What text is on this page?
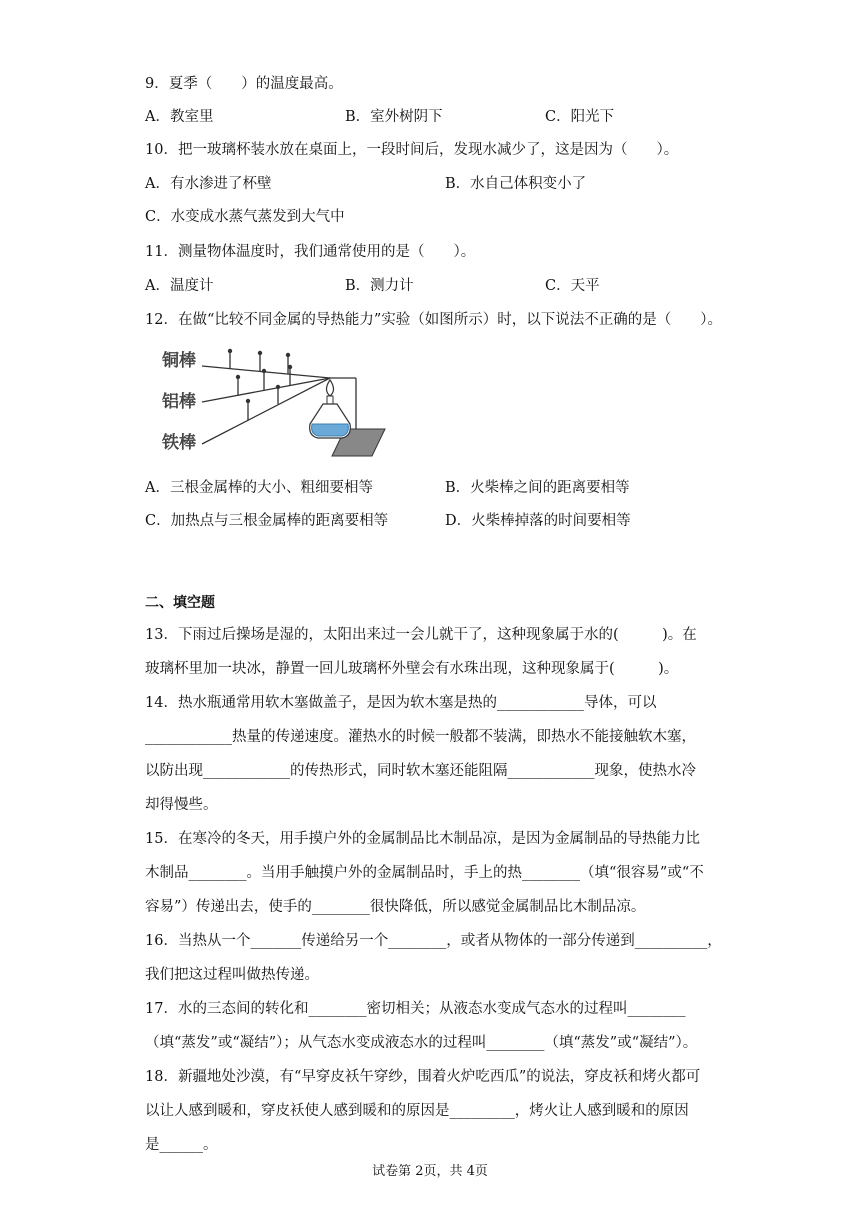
9．夏季（　　）的温度最高。
A．教室里	B．室外树阴下	C．阳光下
10．把一玻璃杯装水放在桌面上，一段时间后，发现水减少了，这是因为（　　）。
A．有水渗进了杯壁	B．水自己体积变小了
C．水变成水蒸气蒸发到大气中
11．测量物体温度时，我们通常使用的是（　　）。
A．温度计	B．测力计	C．天平
12．在做“比较不同金属的导热能力”实验（如图所示）时，以下说法不正确的是（　　）。
铜棒
铝棒
铁棒
A．三根金属棒的大小、粗细要相等	B．火柴棒之间的距离要相等
C．加热点与三根金属棒的距离要相等	D．火柴棒掉落的时间要相等
二、填空题
13．下雨过后操场是湿的，太阳出来过一会儿就干了，这种现象属于水的(　　　)。在
玻璃杯里加一块冰，静置一回儿玻璃杯外壁会有水珠出现，这种现象属于(　　　)。
14．热水瓶通常用软木塞做盖子，是因为软木塞是热的____________导体，可以
____________热量的传递速度。灌热水的时候一般都不装满，即热水不能接触软木塞，
以防出现____________的传热形式，同时软木塞还能阻隔____________现象，使热水冷
却得慢些。
15．在寒冷的冬天，用手摸户外的金属制品比木制品凉，是因为金属制品的导热能力比
木制品________。当用手触摸户外的金属制品时，手上的热________（填“很容易”或“不
容易”）传递出去，使手的________很快降低，所以感觉金属制品比木制品凉。
16．当热从一个_______传递给另一个________，或者从物体的一部分传递到__________，
我们把这过程叫做热传递。
17．水的三态间的转化和________密切相关；从液态水变成气态水的过程叫________
（填“蒸发”或“凝结”）；从气态水变成液态水的过程叫________（填“蒸发”或“凝结”）。
18．新疆地处沙漠，有“早穿皮袄午穿纱，围着火炉吃西瓜”的说法，穿皮袄和烤火都可
以让人感到暖和，穿皮袄使人感到暖和的原因是_________，烤火让人感到暖和的原因
是______。
试卷第 2页，共 4页
